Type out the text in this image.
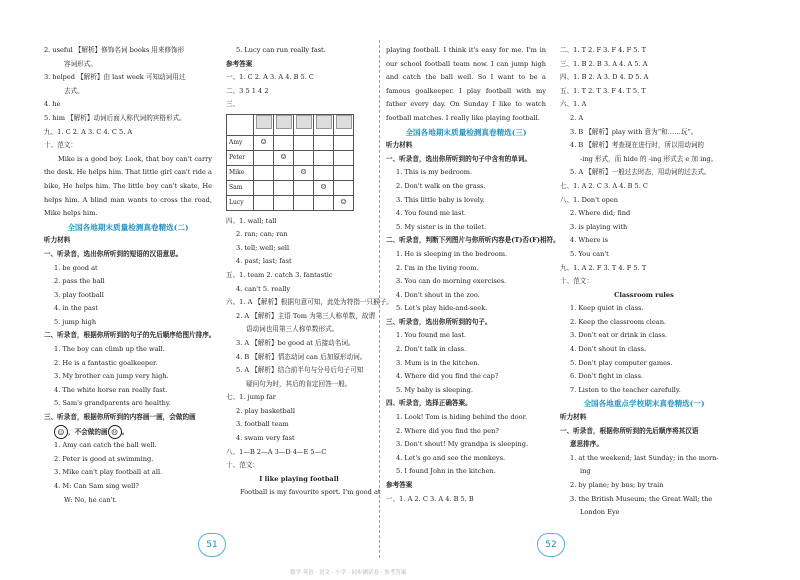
2. useful 【解析】修饰名词 books 用来修饰形
容词形式。
3. helped 【解析】由 last week 可知动词用过
去式。
4. he
5. him 【解析】动词后面人称代词的宾格形式。
九、1. C 2. A 3. C 4. C 5. A
十、范文：
Mike is a good boy. Look, that boy can't carry the desk. He helps him. That little girl can't ride a bike, He helps him. The little boy can't skate, He helps him. A blind man wants to cross the road, Mike helps him.
全国各地期末质量检测真卷精选(二)
听力材料
一、听录音，选出你所听到的短语的汉语意思。
1. be good at
2. pass the ball
3. play football
4. in the past
5. jump high
二、听录音，根据你所听到的句子的先后顺序给图片排序。
1. The boy can climb up the wall.
2. He is a fantastic goalkeeper.
3. My brother can jump very high.
4. The white horse ran really fast.
5. Sam's grandparents are healthy.
三、听录音，根据你所听到的内容画一画，会做的画
☺ ，不会做的画 ☹ 。
1. Amy can catch the ball well.
2. Peter is good at swimming.
3. Mike can't play football at all.
4. M: Can Sam sing well?
W: No, he can't.
5. Lucy can run really fast.
参考答案
一、1. C 2. A 3. A 4. B 5. C
二、3 5 1 4 2
三、

Amy	☺				
Peter		☺			
Mike			☹		
Sam				☹	
Lucy					☺
四、1. wall; tall
2. ran; can; ran
3. tell; well; sell
4. past; last; fast
五、1. team 2. catch 3. fantastic
4. can't 5. really
六、1. A 【解析】根据句意可知，此处为特指一只猴子。
2. A 【解析】主语 Tom 为第三人称单数，故谓
语动词也用第三人称单数形式。
3. A 【解析】be good at 后接动名词。
4. B 【解析】情态动词 can 后加原形动词。
5. A 【解析】结合前半句与分号后句子可知
疑问句为时，其后的肯定回答一般。
七、1. jump far
2. play basketball
3. football team
4. swam very fast
八、1—B 2—A 3—D 4—E 5—C
十、范文：
I like playing football
Football is my favourite sport. I'm good at
playing football. I think it's easy for me. I'm in our school football team now. I can jump high and catch the ball well. So I want to be a famous goalkeeper. I play football with my father every day. On Sunday I like to watch football matches. I really like playing football.
全国各地期末质量检测真卷精选(三)
听力材料
一、听录音，选出你所听到的句子中含有的单词。
1. This is my bedroom.
2. Don't walk on the grass.
3. This little baby is lovely.
4. You found me last.
5. My sister is in the toilet.
二、听录音，判断下列图片与你所听内容是(T)否(F)相符。
1. He is sleeping in the bedroom.
2. I'm in the living room.
3. You can do morning exercises.
4. Don't shout in the zoo.
5. Let's play hide-and-seek.
三、听录音，选出你所听到的句子。
1. You found me last.
2. Don't talk in class.
3. Mum is in the kitchen.
4. Where did you find the cap?
5. My baby is sleeping.
四、听录音，选择正确答案。
1. Look! Tom is hiding behind the door.
2. Where did you find the pen?
3. Don't shout! My grandpa is sleeping.
4. Let's go and see the monkeys.
5. I found John in the kitchen.
参考答案
一、1. A 2. C 3. A 4. B 5. B
二、1. T 2. F 3. F 4. F 5. T
三、1. B 2. B 3. A 4. A 5. A
四、1. B 2. A 3. D 4. D 5. A
五、1. T 2. T 3. F 4. T 5. T
六、1. A
2. A
3. B 【解析】play with 意为“和……玩”。
4. B 【解析】考查现在进行时，所以用动词的
-ing 形式，而 hide 的 -ing 形式去 e 加 ing。
5. A 【解析】一般过去时态，用动词的过去式。
七、1. A 2. C 3. A 4. B 5. C
八、1. Don't open
2. Where did; find
3. is playing with
4. Where is
5. You can't
九、1. A 2. F 3. T 4. F 5. T
十、范文：
Classroom rules
1. Keep quiet in class.
2. Keep the classroom clean.
3. Don't eat or drink in class.
4. Don't shout in class.
5. Don't play computer games.
6. Don't fight in class.
7. Listen to the teacher carefully.
全国各地重点学校期末真卷精选(一)
听力材料
一、听录音，根据你所听到的先后顺序将其汉语
意思排序。
1. at the weekend; last Sunday; in the morn-
ing
2. by plane; by bus; by train
3. the British Museum; the Great Wall; the
London Eye
51	52
数学 英语 · 语文 · 小学 · 同步测试卷 · 参考答案
